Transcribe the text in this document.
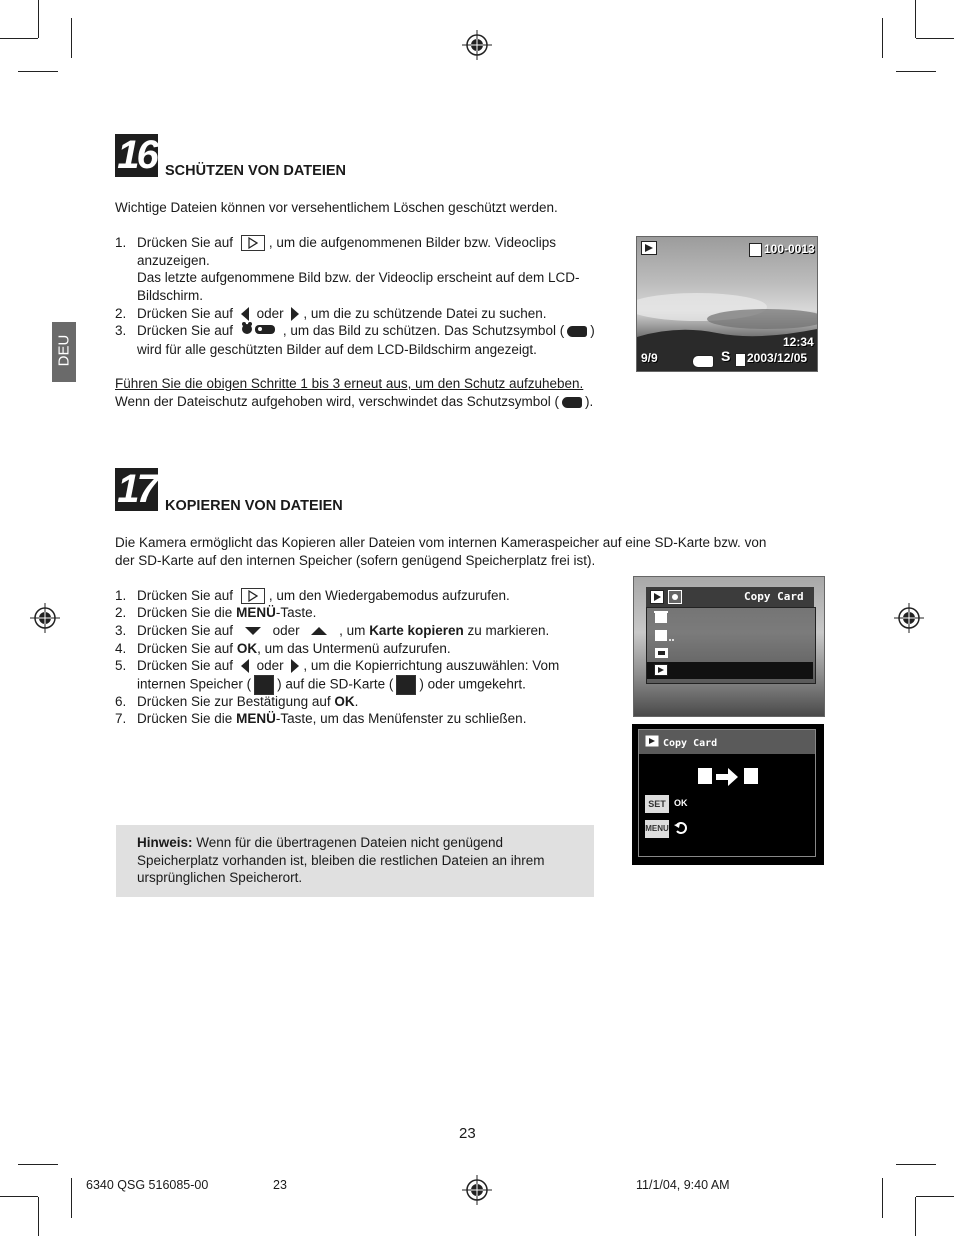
DEU
16 SCHÜTZEN VON DATEIEN
Wichtige Dateien können vor versehentlichem Löschen geschützt werden.
1. Drücken Sie auf	, um die aufgenommenen Bilder bzw. Videoclips
anzuzeigen.
Das letzte aufgenommene Bild bzw. der Videoclip erscheint auf dem LCD-
Bildschirm.
2. Drücken Sie auf oder , um die zu schützende Datei zu suchen.
3. Drücken Sie auf	, um das Bild zu schützen. Das Schutzsymbol ( )
wird für alle geschützten Bilder auf dem LCD-Bildschirm angezeigt.
Führen Sie die obigen Schritte 1 bis 3 erneut aus, um den Schutz aufzuheben.
Wenn der Dateischutz aufgehoben wird, verschwindet das Schutzsymbol ( ).
100-0013
12:34
9/9	S 2003/12/05
17 KOPIEREN VON DATEIEN
Die Kamera ermöglicht das Kopieren aller Dateien vom internen Kameraspeicher auf eine SD-Karte bzw. von
der SD-Karte auf den internen Speicher (sofern genügend Speicherplatz frei ist).
1. Drücken Sie auf	, um den Wiedergabemodus aufzurufen.
2. Drücken Sie die MENÜ-Taste.
3. Drücken Sie auf	oder	, um Karte kopieren zu markieren.
4. Drücken Sie auf OK, um das Untermenü aufzurufen.
5. Drücken Sie auf oder , um die Kopierrichtung auszuwählen: Vom
internen Speicher ( ) auf die SD-Karte ( ) oder umgekehrt.
6. Drücken Sie zur Bestätigung auf OK.
7. Drücken Sie die MENÜ-Taste, um das Menüfenster zu schließen.
Copy Card
Copy Card
SET OK
MENU
Hinweis: Wenn für die übertragenen Dateien nicht genügend
Speicherplatz vorhanden ist, bleiben die restlichen Dateien an ihrem
ursprünglichen Speicherort.
23
6340 QSG 516085-00	23	11/1/04, 9:40 AM
